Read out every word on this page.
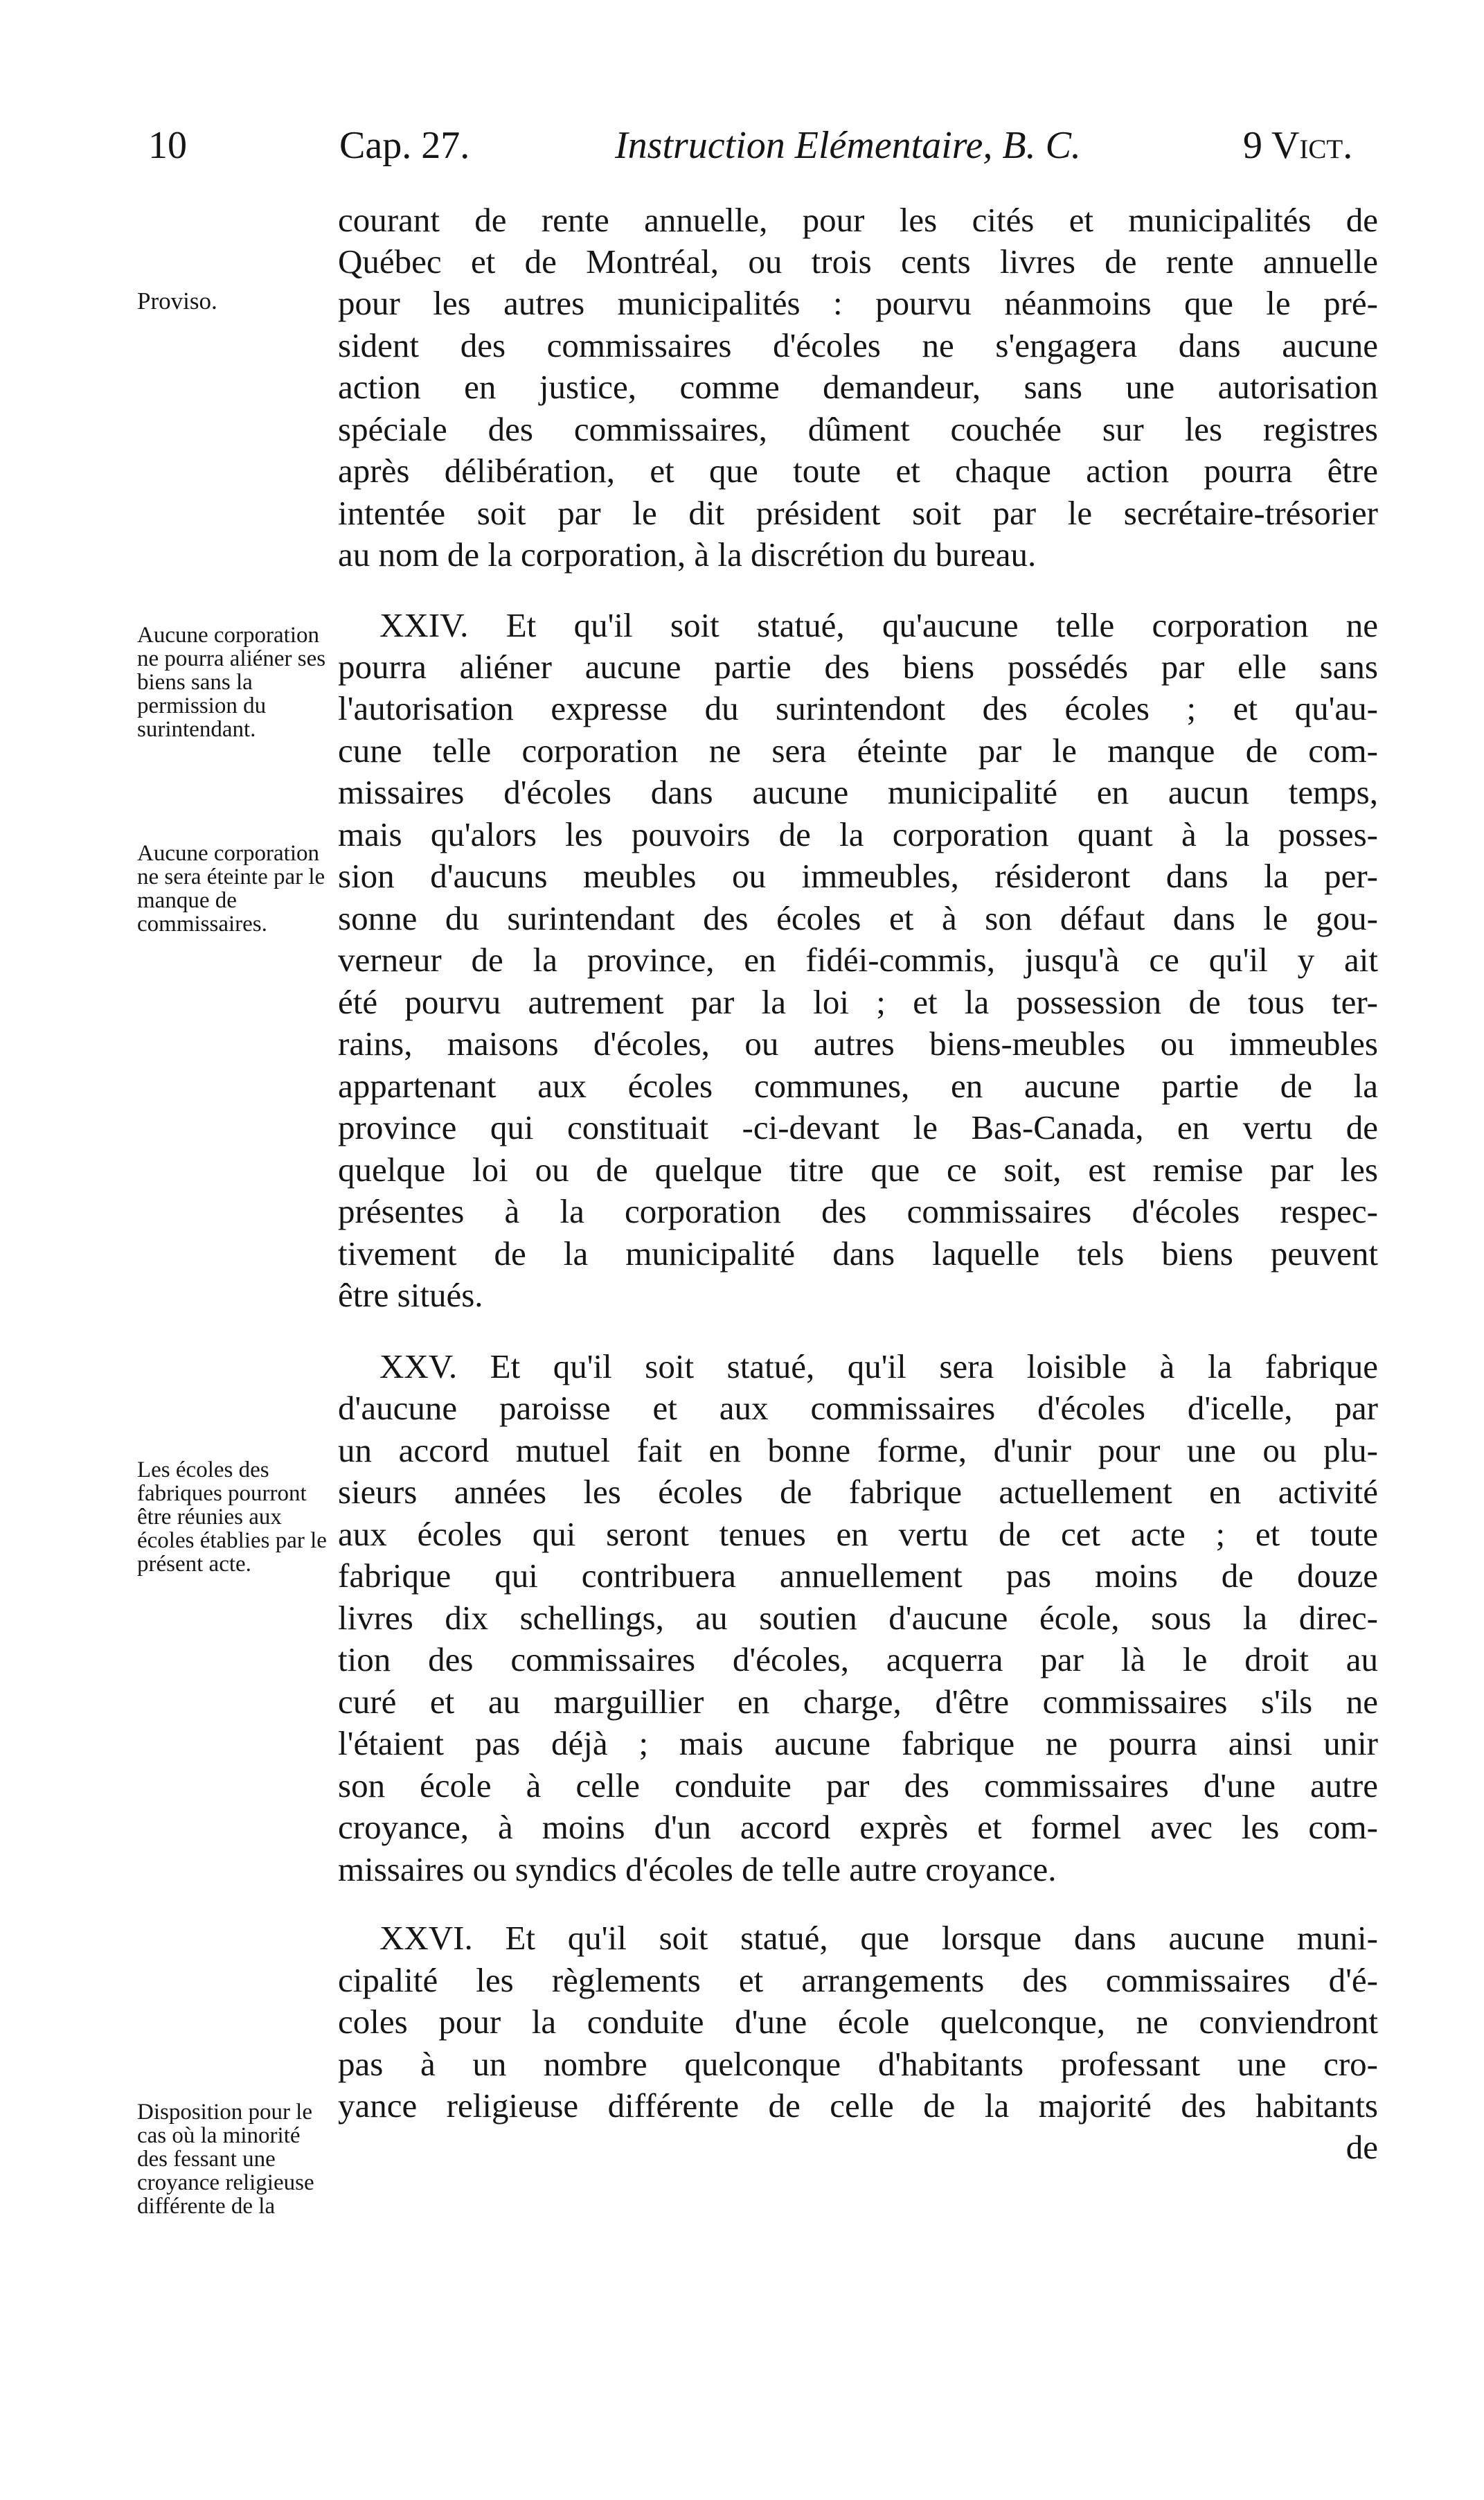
10	Cap. 27.	Instruction Elémentaire, B. C.	9 Vict.
Proviso.
Aucune corporation ne pourra aliéner ses biens sans la permission du surintendant.
Aucune corporation ne sera éteinte par le manque de commissaires.
Les écoles des fabriques pourront être réunies aux écoles établies par le présent acte.
Disposition pour le cas où la minorité des fessant une croyance religieuse différente de la
courant de rente annuelle, pour les cités et municipalités de
Québec et de Montréal, ou trois cents livres de rente annuelle
pour les autres municipalités : pourvu néanmoins que le pré-
sident des commissaires d'écoles ne s'engagera dans aucune
action en justice, comme demandeur, sans une autorisation
spéciale des commissaires, dûment couchée sur les registres
après délibération, et que toute et chaque action pourra être
intentée soit par le dit président soit par le secrétaire-trésorier
au nom de la corporation, à la discrétion du bureau.
XXIV. Et qu'il soit statué, qu'aucune telle corporation ne
pourra aliéner aucune partie des biens possédés par elle sans
l'autorisation expresse du surintendont des écoles ; et qu'au-
cune telle corporation ne sera éteinte par le manque de com-
missaires d'écoles dans aucune municipalité en aucun temps,
mais qu'alors les pouvoirs de la corporation quant à la posses-
sion d'aucuns meubles ou immeubles, résideront dans la per-
sonne du surintendant des écoles et à son défaut dans le gou-
verneur de la province, en fidéi-commis, jusqu'à ce qu'il y ait
été pourvu autrement par la loi ; et la possession de tous ter-
rains, maisons d'écoles, ou autres biens-meubles ou immeubles
appartenant aux écoles communes, en aucune partie de la
province qui constituait -ci-devant le Bas-Canada, en vertu de
quelque loi ou de quelque titre que ce soit, est remise par les
présentes à la corporation des commissaires d'écoles respec-
tivement de la municipalité dans laquelle tels biens peuvent
être situés.
XXV. Et qu'il soit statué, qu'il sera loisible à la fabrique
d'aucune paroisse et aux commissaires d'écoles d'icelle, par
un accord mutuel fait en bonne forme, d'unir pour une ou plu-
sieurs années les écoles de fabrique actuellement en activité
aux écoles qui seront tenues en vertu de cet acte ; et toute
fabrique qui contribuera annuellement pas moins de douze
livres dix schellings, au soutien d'aucune école, sous la direc-
tion des commissaires d'écoles, acquerra par là le droit au
curé et au marguillier en charge, d'être commissaires s'ils ne
l'étaient pas déjà ; mais aucune fabrique ne pourra ainsi unir
son école à celle conduite par des commissaires d'une autre
croyance, à moins d'un accord exprès et formel avec les com-
missaires ou syndics d'écoles de telle autre croyance.
XXVI. Et qu'il soit statué, que lorsque dans aucune muni-
cipalité les règlements et arrangements des commissaires d'é-
coles pour la conduite d'une école quelconque, ne conviendront
pas à un nombre quelconque d'habitants professant une cro-
yance religieuse différente de celle de la majorité des habitants
de
